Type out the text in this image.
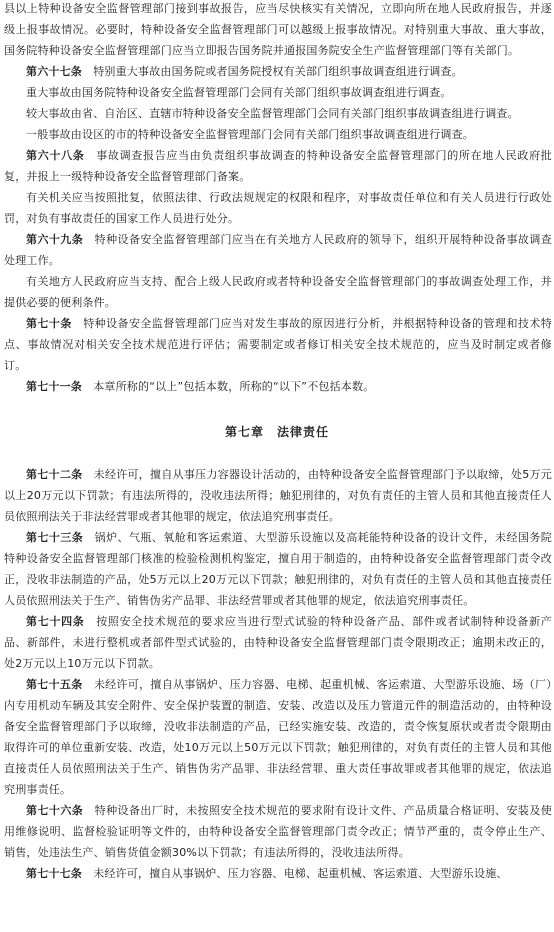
县以上特种设备安全监督管理部门接到事故报告，应当尽快核实有关情况，立即向所在地人民政府报告，并逐级上报事故情况。必要时，特种设备安全监督管理部门可以越级上报事故情况。对特别重大事故、重大事故，国务院特种设备安全监督管理部门应当立即报告国务院并通报国务院安全生产监督管理部门等有关部门。

第六十七条　 特别重大事故由国务院或者国务院授权有关部门组织事故调查组进行调查。

重大事故由国务院特种设备安全监督管理部门会同有关部门组织事故调查组进行调查。

较大事故由省、自治区、直辖市特种设备安全监督管理部门会同有关部门组织事故调查组进行调查。

一般事故由设区的市的特种设备安全监督管理部门会同有关部门组织事故调查组进行调查。

第六十八条　 事故调查报告应当由负责组织事故调查的特种设备安全监督管理部门的所在地人民政府批复，并报上一级特种设备安全监督管理部门备案。

有关机关应当按照批复，依照法律、行政法规规定的权限和程序，对事故责任单位和有关人员进行行政处罚，对负有事故责任的国家工作人员进行处分。

第六十九条　 特种设备安全监督管理部门应当在有关地方人民政府的领导下，组织开展特种设备事故调查处理工作。

有关地方人民政府应当支持、配合上级人民政府或者特种设备安全监督管理部门的事故调查处理工作，并提供必要的便利条件。

第七十条　 特种设备安全监督管理部门应当对发生事故的原因进行分析，并根据特种设备的管理和技术特点、事故情况对相关安全技术规范进行评估；需要制定或者修订相关安全技术规范的，应当及时制定或者修订。

第七十一条　 本章所称的“以上”包括本数，所称的“以下”不包括本数。

第七章　法律责任

第七十二条　 未经许可，擅自从事压力容器设计活动的，由特种设备安全监督管理部门予以取缔，处5万元以上20万元以下罚款；有违法所得的，没收违法所得；触犯刑律的，对负有责任的主管人员和其他直接责任人员依照刑法关于非法经营罪或者其他罪的规定，依法追究刑事责任。

第七十三条　 锅炉、气瓶、氧舱和客运索道、大型游乐设施以及高耗能特种设备的设计文件，未经国务院特种设备安全监督管理部门核准的检验检测机构鉴定，擅自用于制造的，由特种设备安全监督管理部门责令改正，没收非法制造的产品，处5万元以上20万元以下罚款；触犯刑律的，对负有责任的主管人员和其他直接责任人员依照刑法关于生产、销售伪劣产品罪、非法经营罪或者其他罪的规定，依法追究刑事责任。

第七十四条　 按照安全技术规范的要求应当进行型式试验的特种设备产品、部件或者试制特种设备新产品、新部件，未进行整机或者部件型式试验的，由特种设备安全监督管理部门责令限期改正；逾期未改正的，处2万元以上10万元以下罚款。

第七十五条　 未经许可，擅自从事锅炉、压力容器、电梯、起重机械、客运索道、大型游乐设施、场（厂）内专用机动车辆及其安全附件、安全保护装置的制造、安装、改造以及压力管道元件的制造活动的，由特种设备安全监督管理部门予以取缔，没收非法制造的产品，已经实施安装、改造的，责令恢复原状或者责令限期由取得许可的单位重新安装、改造，处10万元以上50万元以下罚款；触犯刑律的，对负有责任的主管人员和其他直接责任人员依照刑法关于生产、销售伪劣产品罪、非法经营罪、重大责任事故罪或者其他罪的规定，依法追究刑事责任。

第七十六条　 特种设备出厂时，未按照安全技术规范的要求附有设计文件、产品质量合格证明、安装及使用维修说明、监督检验证明等文件的，由特种设备安全监督管理部门责令改正；情节严重的，责令停止生产、销售，处违法生产、销售货值金额30%以下罚款；有违法所得的，没收违法所得。

第七十七条　 未经许可，擅自从事锅炉、压力容器、电梯、起重机械、客运索道、大型游乐设施、
